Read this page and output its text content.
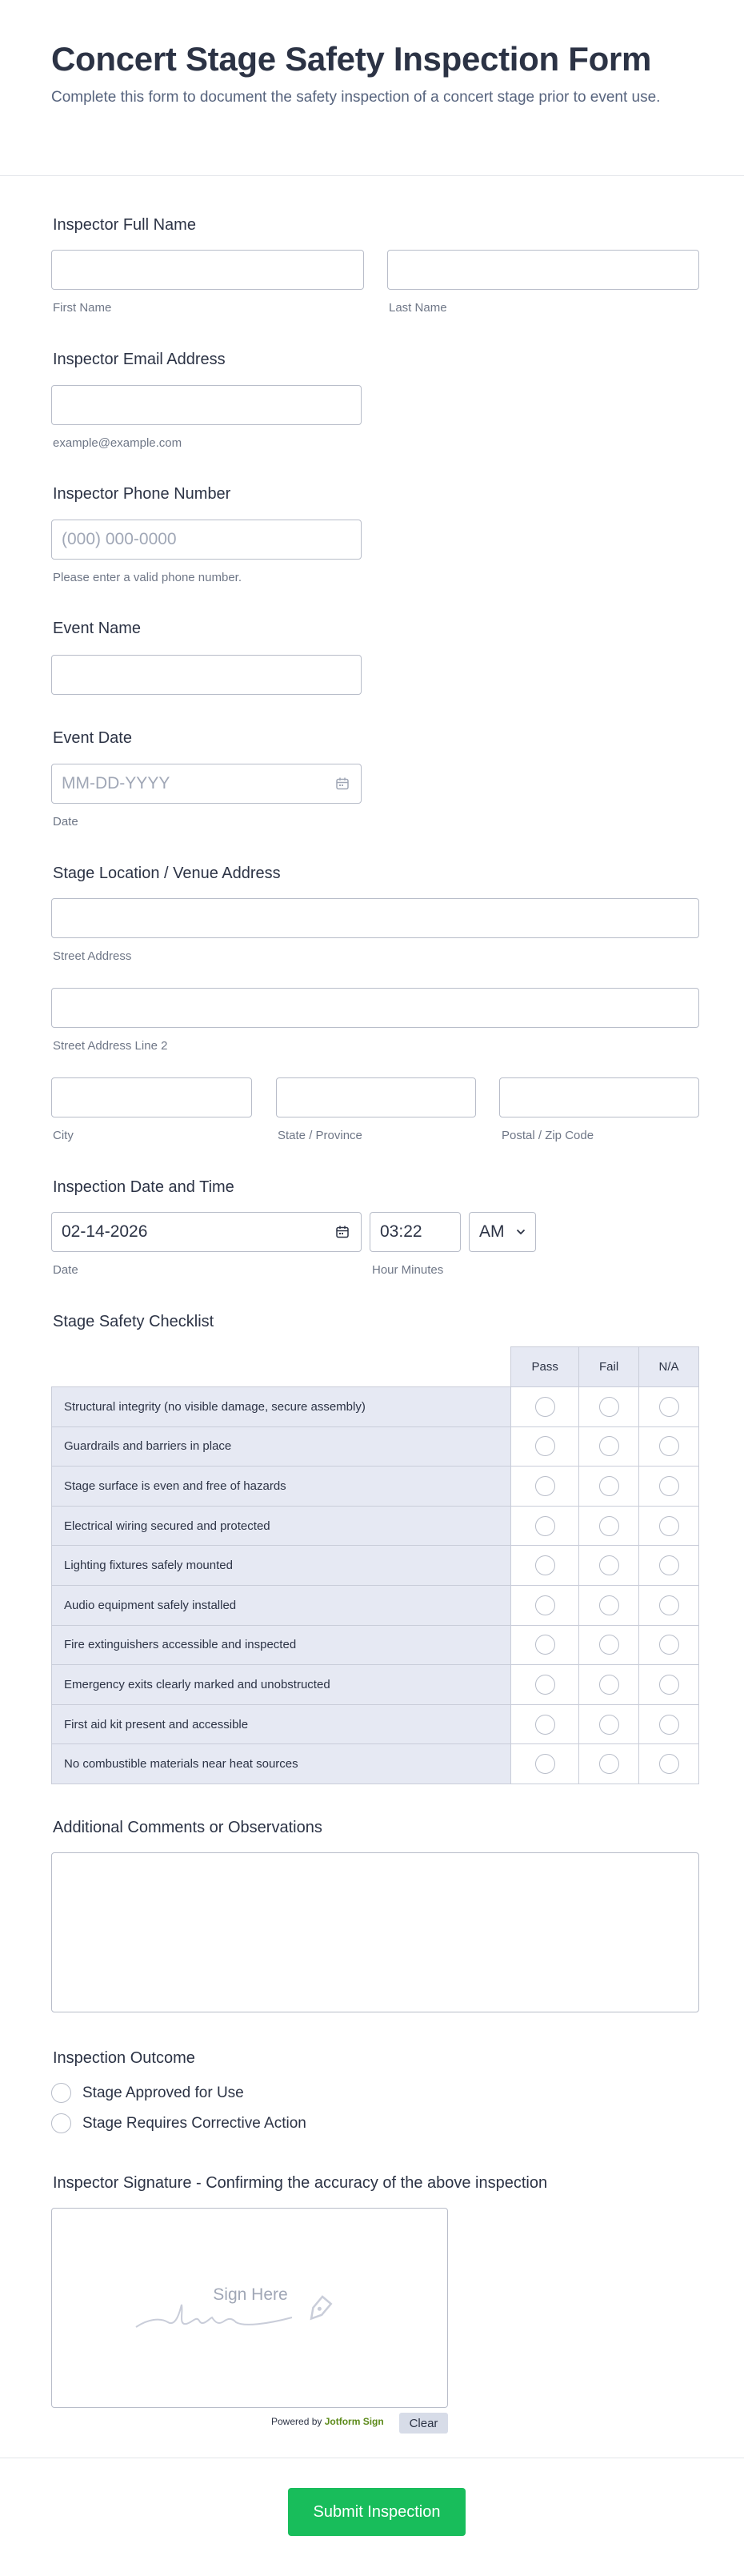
Concert Stage Safety Inspection Form
Complete this form to document the safety inspection of a concert stage prior to event use.
Inspector Full Name
First Name	Last Name
Inspector Email Address
example@example.com
Inspector Phone Number
(000) 000-0000
Please enter a valid phone number.
Event Name
Event Date
MM-DD-YYYY
Date
Stage Location / Venue Address
Street Address
Street Address Line 2
City	State / Province	Postal / Zip Code
Inspection Date and Time
02-14-2026	03:22	AM
Date	Hour Minutes
Stage Safety Checklist
	Pass	Fail	N/A
Structural integrity (no visible damage, secure assembly)			
Guardrails and barriers in place			
Stage surface is even and free of hazards			
Electrical wiring secured and protected			
Lighting fixtures safely mounted			
Audio equipment safely installed			
Fire extinguishers accessible and inspected			
Emergency exits clearly marked and unobstructed			
First aid kit present and accessible			
No combustible materials near heat sources			
Additional Comments or Observations
Inspection Outcome
Stage Approved for Use
Stage Requires Corrective Action
Inspector Signature - Confirming the accuracy of the above inspection
Sign Here
Powered by Jotform Sign	Clear
Submit Inspection
